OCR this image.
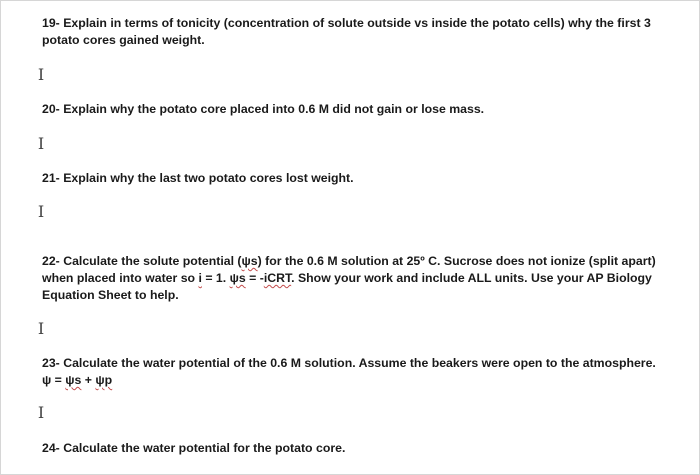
19- Explain in terms of tonicity (concentration of solute outside vs inside the potato cells) why the first 3 potato cores gained weight.

I

20- Explain why the potato core placed into 0.6 M did not gain or lose mass.

I

21- Explain why the last two potato cores lost weight.

I

22- Calculate the solute potential (ψs) for the 0.6 M solution at 25º C. Sucrose does not ionize (split apart) when placed into water so i = 1. ψs = -iCRT. Show your work and include ALL units. Use your AP Biology Equation Sheet to help.

I

23- Calculate the water potential of the 0.6 M solution. Assume the beakers were open to the atmosphere.
ψ = ψs + ψp

I

24- Calculate the water potential for the potato core.
